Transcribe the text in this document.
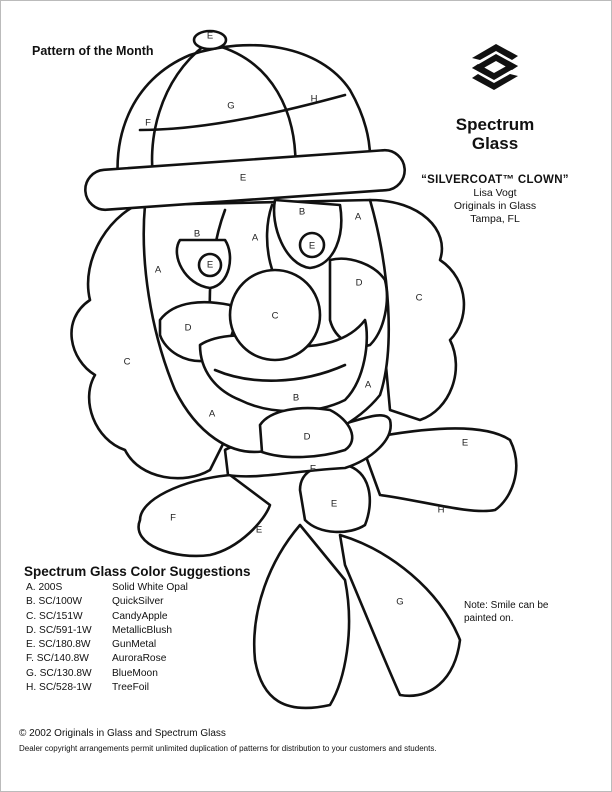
Pattern of the Month
Spectrum
Glass
“SILVERCOAT™ CLOWN”
Lisa Vogt
Originals in Glass
Tampa, FL
E
G
H
F
E
B	A
B
E
E
A
A
D
C
C
D
C
B
A
A
D
E
E
E
F
E
H
G
Spectrum Glass Color Suggestions
A. 200S	Solid White Opal
B. SC/100W	QuickSilver
C. SC/151W	CandyApple
D. SC/591-1W	MetallicBlush
E. SC/180.8W	GunMetal
F. SC/140.8W	AuroraRose
G. SC/130.8W	BlueMoon
H. SC/528-1W	TreeFoil
Note: Smile can be painted on.
© 2002 Originals in Glass and Spectrum Glass
Dealer copyright arrangements permit unlimited duplication of patterns for distribution to your customers and students.
